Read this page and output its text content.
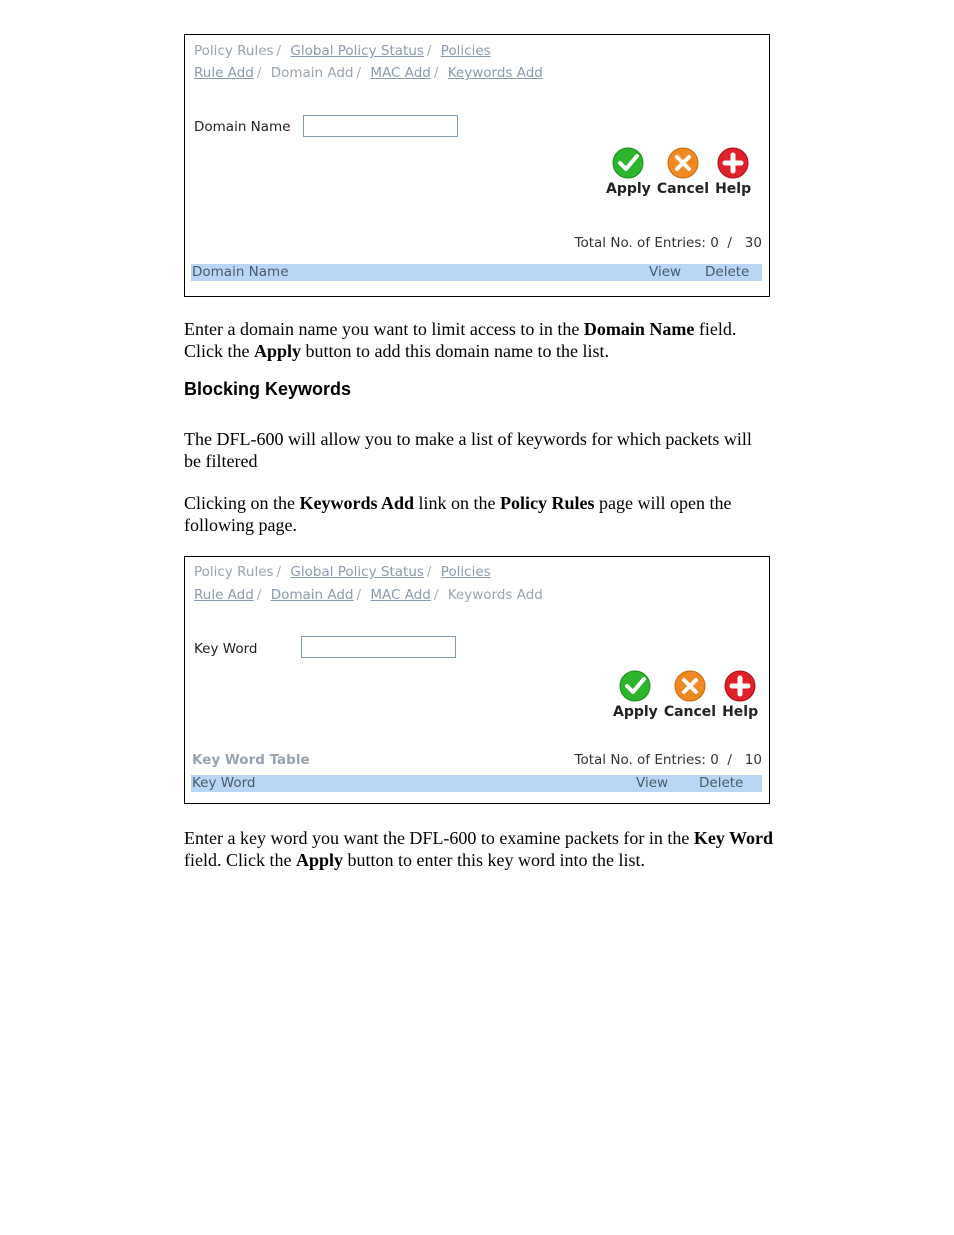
Policy Rules / Global Policy Status / Policies
Rule Add / Domain Add / MAC Add / Keywords Add
Domain Name
Apply Cancel Help
Total No. of Entries: 0  /   30
Domain Name	View Delete
Enter a domain name you want to limit access to in the Domain Name field.
Click the Apply button to add this domain name to the list.
Blocking Keywords
The DFL-600 will allow you to make a list of keywords for which packets will be filtered
Clicking on the Keywords Add link on the Policy Rules page will open the following page.
Policy Rules / Global Policy Status / Policies
Rule Add / Domain Add / MAC Add / Keywords Add
Key Word
Apply Cancel Help
Key Word Table	Total No. of Entries: 0  /   10
Key Word	View Delete
Enter a key word you want the DFL-600 to examine packets for in the Key Word field. Click the Apply button to enter this key word into the list.
